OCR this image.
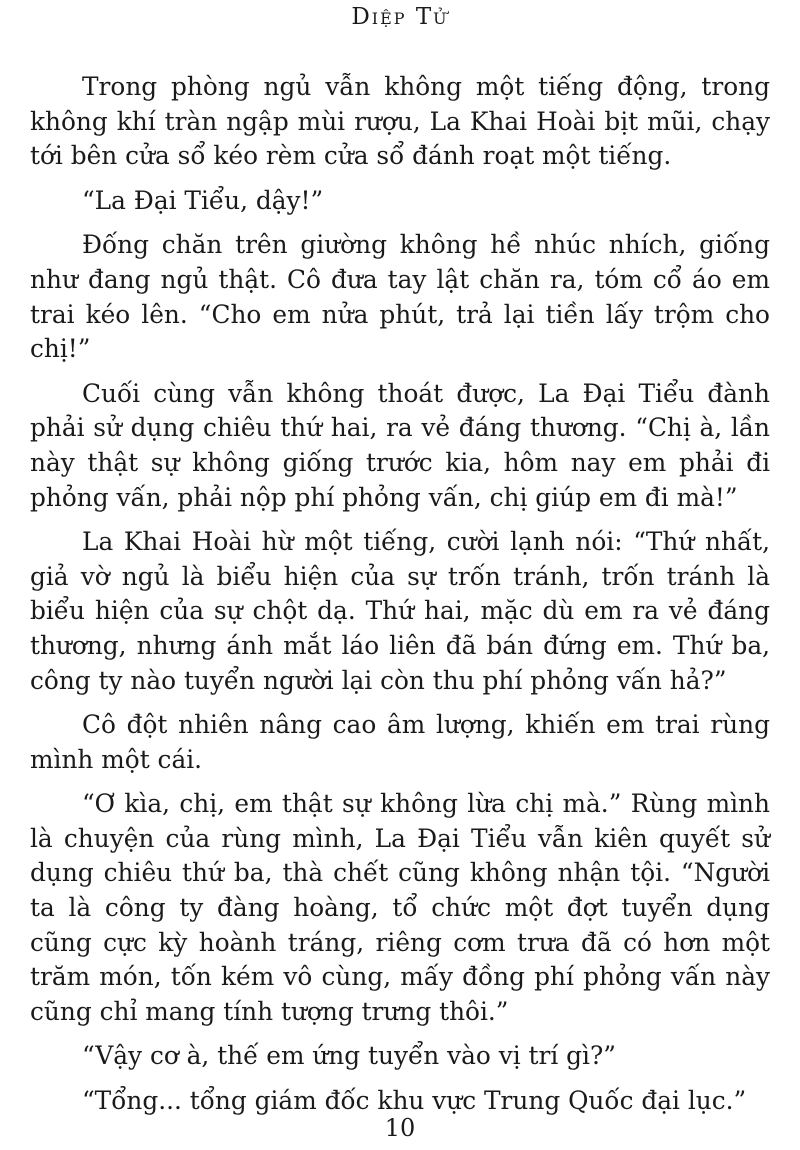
Diệp Tử

Trong phòng ngủ vẫn không một tiếng động, trong không khí tràn ngập mùi rượu, La Khai Hoài bịt mũi, chạy tới bên cửa sổ kéo rèm cửa sổ đánh roạt một tiếng.

“La Đại Tiểu, dậy!”

Đống chăn trên giường không hề nhúc nhích, giống như đang ngủ thật. Cô đưa tay lật chăn ra, tóm cổ áo em trai kéo lên. “Cho em nửa phút, trả lại tiền lấy trộm cho chị!”

Cuối cùng vẫn không thoát được, La Đại Tiểu đành phải sử dụng chiêu thứ hai, ra vẻ đáng thương. “Chị à, lần này thật sự không giống trước kia, hôm nay em phải đi phỏng vấn, phải nộp phí phỏng vấn, chị giúp em đi mà!”

La Khai Hoài hừ một tiếng, cười lạnh nói: “Thứ nhất, giả vờ ngủ là biểu hiện của sự trốn tránh, trốn tránh là biểu hiện của sự chột dạ. Thứ hai, mặc dù em ra vẻ đáng thương, nhưng ánh mắt láo liên đã bán đứng em. Thứ ba, công ty nào tuyển người lại còn thu phí phỏng vấn hả?”

Cô đột nhiên nâng cao âm lượng, khiến em trai rùng mình một cái.

“Ơ kìa, chị, em thật sự không lừa chị mà.” Rùng mình là chuyện của rùng mình, La Đại Tiểu vẫn kiên quyết sử dụng chiêu thứ ba, thà chết cũng không nhận tội. “Người ta là công ty đàng hoàng, tổ chức một đợt tuyển dụng cũng cực kỳ hoành tráng, riêng cơm trưa đã có hơn một trăm món, tốn kém vô cùng, mấy đồng phí phỏng vấn này cũng chỉ mang tính tượng trưng thôi.”

“Vậy cơ à, thế em ứng tuyển vào vị trí gì?”

“Tổng... tổng giám đốc khu vực Trung Quốc đại lục.”

10
